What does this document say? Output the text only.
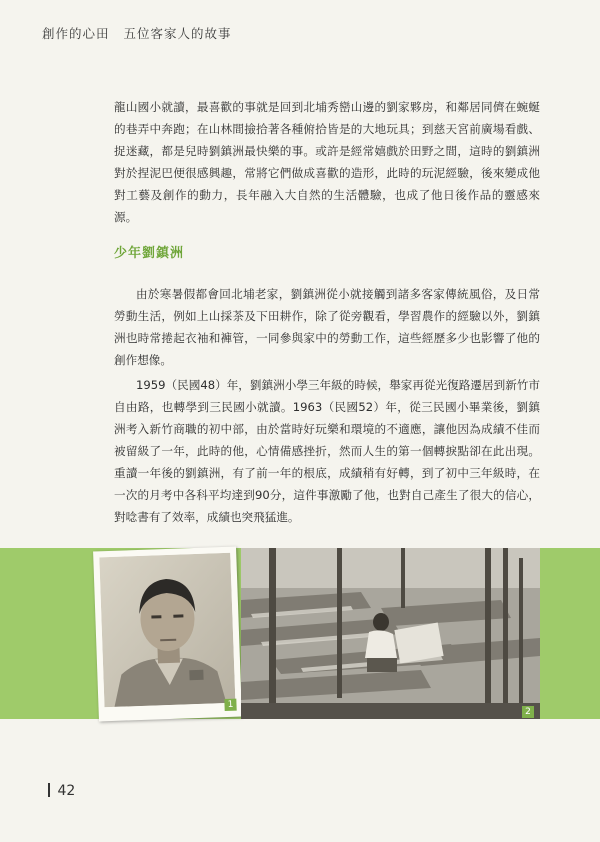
創作的心田 五位客家人的故事

龍山國小就讀，最喜歡的事就是回到北埔秀巒山邊的劉家夥房，和鄰居同儕在蜿蜒的巷弄中奔跑；在山林間撿拾著各種俯拾皆是的大地玩具；到慈天宮前廣場看戲、捉迷藏，都是兒時劉鎮洲最快樂的事。或許是經常嬉戲於田野之間，這時的劉鎮洲對於捏泥巴便很感興趣，常將它們做成喜歡的造形，此時的玩泥經驗，後來變成他對工藝及創作的動力，長年融入大自然的生活體驗，也成了他日後作品的靈感來源。

少年劉鎮洲

由於寒暑假都會回北埔老家，劉鎮洲從小就接觸到諸多客家傳統風俗，及日常勞動生活，例如上山採茶及下田耕作，除了從旁觀看，學習農作的經驗以外，劉鎮洲也時常捲起衣袖和褲管，一同參與家中的勞動工作，這些經歷多少也影響了他的創作想像。

1959（民國48）年，劉鎮洲小學三年級的時候，舉家再從光復路遷居到新竹市自由路，也轉學到三民國小就讀。1963（民國52）年，從三民國小畢業後，劉鎮洲考入新竹商職的初中部，由於當時好玩樂和環境的不適應，讓他因為成績不佳而被留級了一年，此時的他，心情備感挫折，然而人生的第一個轉捩點卻在此出現。重讀一年後的劉鎮洲，有了前一年的根底，成績稍有好轉，到了初中三年級時，在一次的月考中各科平均達到90分，這件事激勵了他，也對自己產生了很大的信心，對唸書有了效率，成績也突飛猛進。

1
2
42
